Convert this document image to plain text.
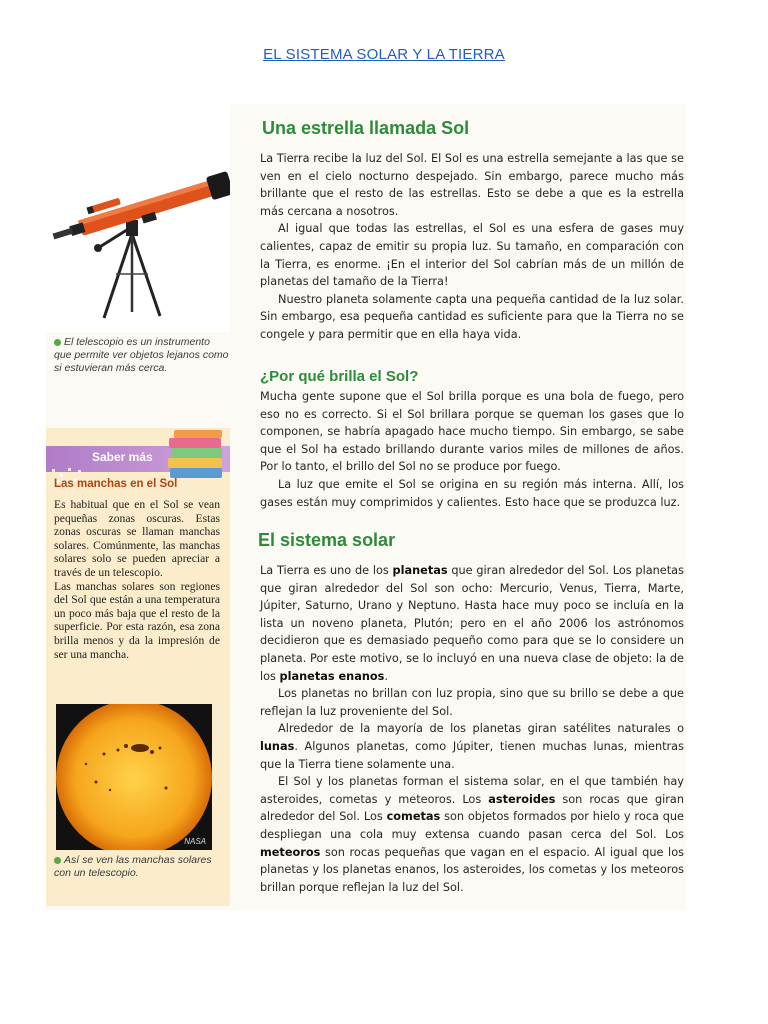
EL SISTEMA SOLAR Y LA TIERRA
El telescopio es un instrumento que permite ver objetos lejanos como si estuvieran más cerca.
Saber más
Las manchas en el Sol
Es habitual que en el Sol se vean pequeñas zonas oscuras. Estas zonas oscuras se llaman manchas solares. Comúnmente, las manchas solares solo se pueden apreciar a través de un telescopio.
Las manchas solares son regiones del Sol que están a una temperatura un poco más baja que el resto de la superficie. Por esta razón, esa zona brilla menos y da la impresión de ser una mancha.
NASA
Así se ven las manchas solares con un telescopio.
Una estrella llamada Sol

La Tierra recibe la luz del Sol. El Sol es una estrella semejante a las que se ven en el cielo nocturno despejado. Sin embargo, parece mucho más brillante que el resto de las estrellas. Esto se debe a que es la estrella más cercana a nosotros.

Al igual que todas las estrellas, el Sol es una esfera de gases muy calientes, capaz de emitir su propia luz. Su tamaño, en comparación con la Tierra, es enorme. ¡En el interior del Sol cabrían más de un millón de planetas del tamaño de la Tierra!

Nuestro planeta solamente capta una pequeña cantidad de la luz solar. Sin embargo, esa pequeña cantidad es suficiente para que la Tierra no se congele y para permitir que en ella haya vida.

¿Por qué brilla el Sol?

Mucha gente supone que el Sol brilla porque es una bola de fuego, pero eso no es correcto. Si el Sol brillara porque se queman los gases que lo componen, se habría apagado hace mucho tiempo. Sin embargo, se sabe que el Sol ha estado brillando durante varios miles de millones de años. Por lo tanto, el brillo del Sol no se produce por fuego.

La luz que emite el Sol se origina en su región más interna. Allí, los gases están muy comprimidos y calientes. Esto hace que se produzca luz.

El sistema solar

La Tierra es uno de los planetas que giran alrededor del Sol. Los planetas que giran alrededor del Sol son ocho: Mercurio, Venus, Tierra, Marte, Júpiter, Saturno, Urano y Neptuno. Hasta hace muy poco se incluía en la lista un noveno planeta, Plutón; pero en el año 2006 los astrónomos decidieron que es demasiado pequeño como para que se lo considere un planeta. Por este motivo, se lo incluyó en una nueva clase de objeto: la de los planetas enanos.

Los planetas no brillan con luz propia, sino que su brillo se debe a que reflejan la luz proveniente del Sol.

Alrededor de la mayoría de los planetas giran satélites naturales o lunas. Algunos planetas, como Júpiter, tienen muchas lunas, mientras que la Tierra tiene solamente una.

El Sol y los planetas forman el sistema solar, en el que también hay asteroides, cometas y meteoros. Los asteroides son rocas que giran alrededor del Sol. Los cometas son objetos formados por hielo y roca que despliegan una cola muy extensa cuando pasan cerca del Sol. Los meteoros son rocas pequeñas que vagan en el espacio. Al igual que los planetas y los planetas enanos, los asteroides, los cometas y los meteoros brillan porque reflejan la luz del Sol.
